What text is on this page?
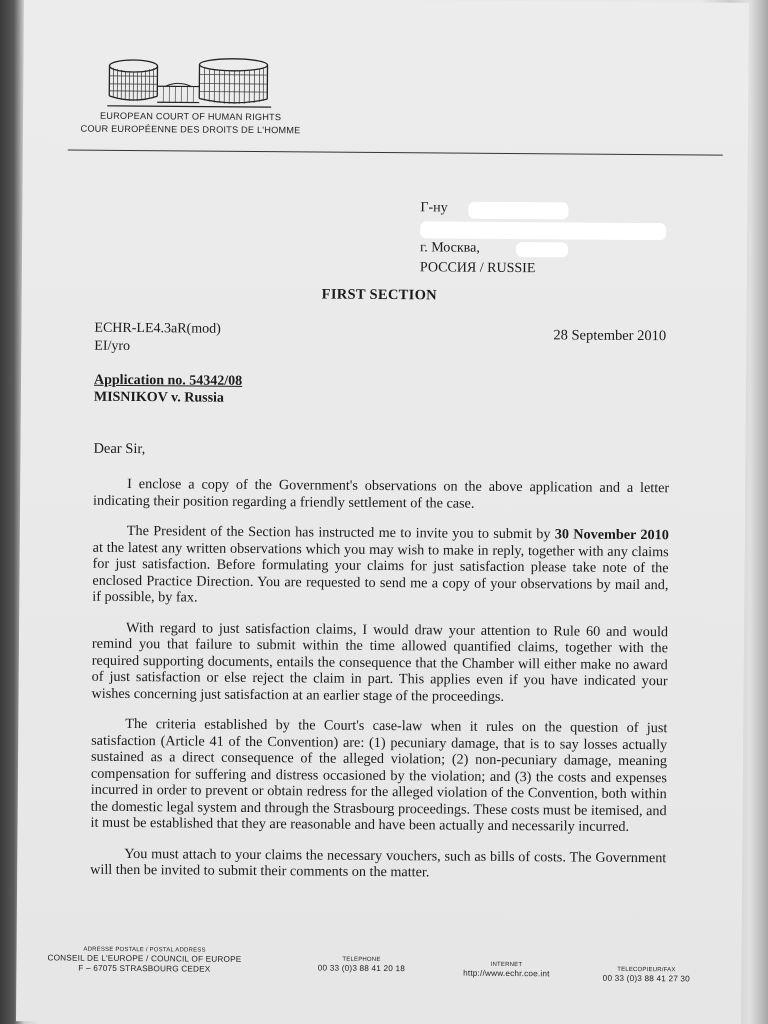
EUROPEAN COURT OF HUMAN RIGHTS
COUR EUROPÉENNE DES DROITS DE L'HOMME
Г-ну
г. Москва,
РОССИЯ / RUSSIE
FIRST SECTION
ECHR-LE4.3aR(mod)
EI/yro
28 September 2010
Application no. 54342/08
MISNIKOV v. Russia
Dear Sir,

I enclose a copy of the Government's observations on the above application and a letter indicating their position regarding a friendly settlement of the case.

The President of the Section has instructed me to invite you to submit by 30 November 2010 at the latest any written observations which you may wish to make in reply, together with any claims for just satisfaction. Before formulating your claims for just satisfaction please take note of the enclosed Practice Direction. You are requested to send me a copy of your observations by mail and, if possible, by fax.

With regard to just satisfaction claims, I would draw your attention to Rule 60 and would remind you that failure to submit within the time allowed quantified claims, together with the required supporting documents, entails the consequence that the Chamber will either make no award of just satisfaction or else reject the claim in part. This applies even if you have indicated your wishes concerning just satisfaction at an earlier stage of the proceedings.

The criteria established by the Court's case-law when it rules on the question of just satisfaction (Article 41 of the Convention) are: (1) pecuniary damage, that is to say losses actually sustained as a direct consequence of the alleged violation; (2) non-pecuniary damage, meaning compensation for suffering and distress occasioned by the violation; and (3) the costs and expenses incurred in order to prevent or obtain redress for the alleged violation of the Convention, both within the domestic legal system and through the Strasbourg proceedings. These costs must be itemised, and it must be established that they are reasonable and have been actually and necessarily incurred.

You must attach to your claims the necessary vouchers, such as bills of costs. The Government will then be invited to submit their comments on the matter.

ADRESSE POSTALE / POSTAL ADDRESS
CONSEIL DE L'EUROPE / COUNCIL OF EUROPE
F – 67075 STRASBOURG CEDEX
TELEPHONE
00 33 (0)3 88 41 20 18	INTERNET
http://www.echr.coe.int	TELECOPIEUR/FAX
00 33 (0)3 88 41 27 30
